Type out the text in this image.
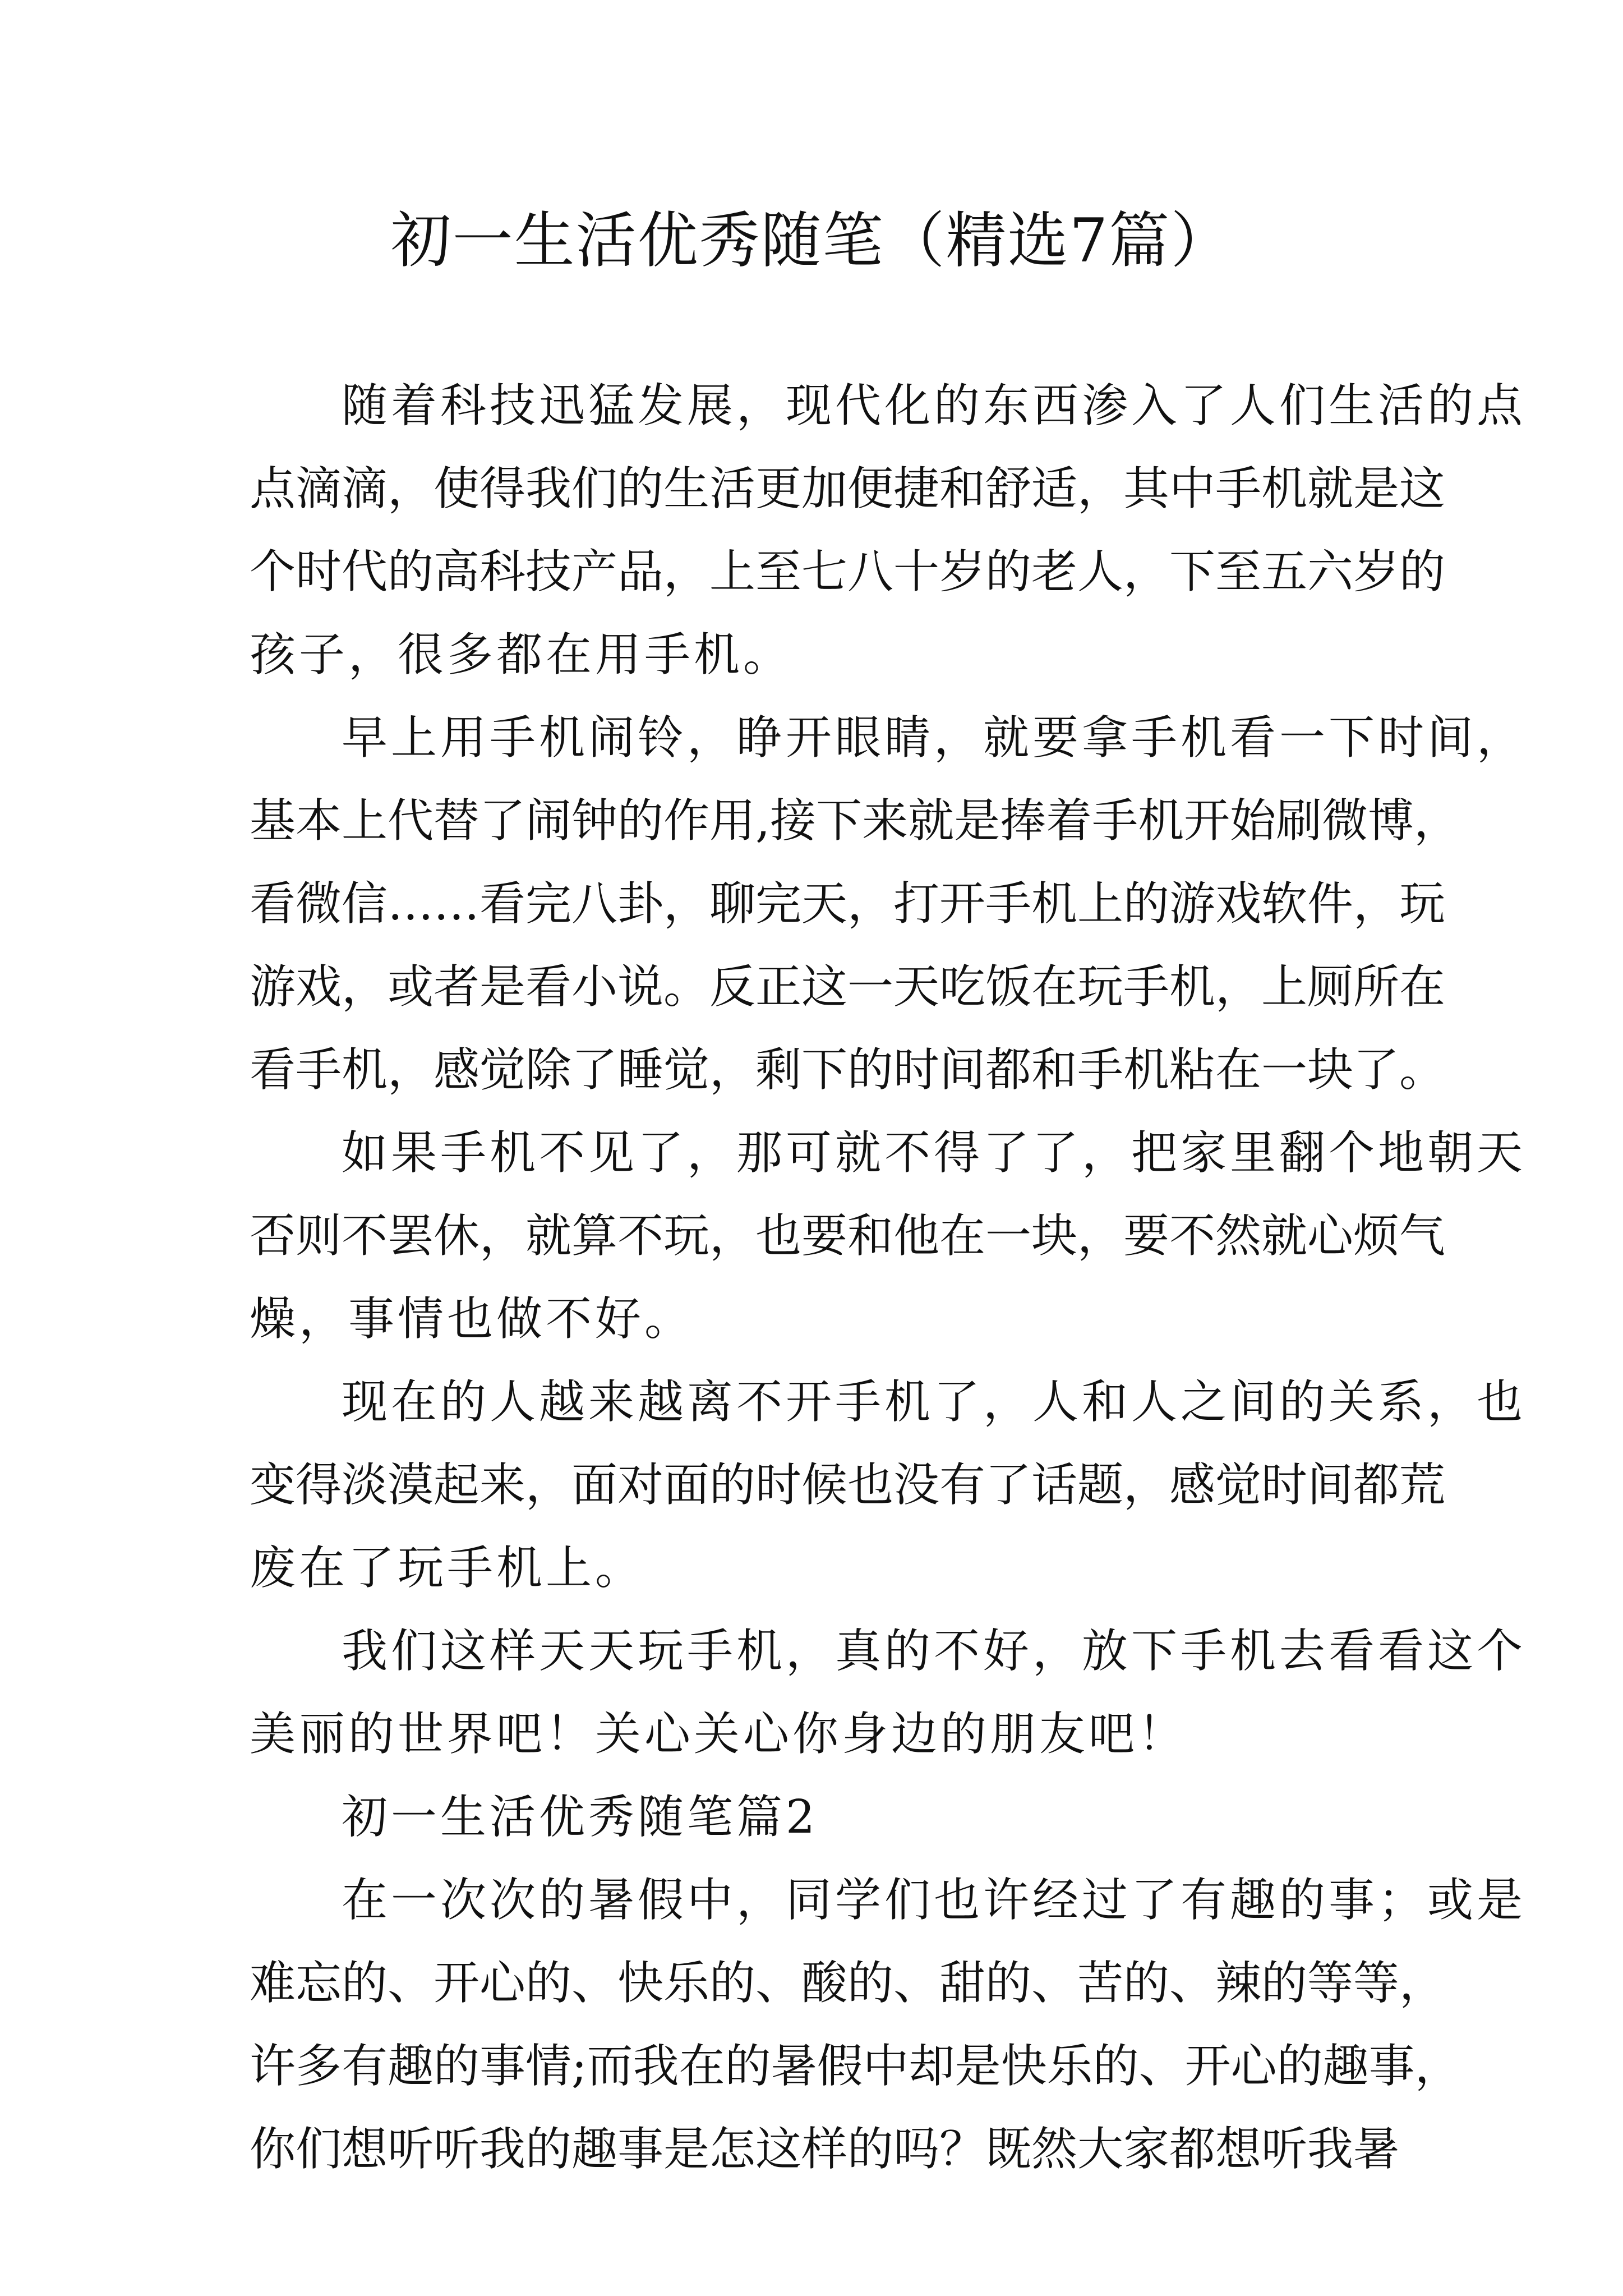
初一生活优秀随笔（精选7篇）
随着科技迅猛发展，现代化的东西渗入了人们生活的点
点滴滴，使得我们的生活更加便捷和舒适，其中手机就是这
个时代的高科技产品，上至七八十岁的老人，下至五六岁的
孩子，很多都在用手机。
早上用手机闹铃，睁开眼睛，就要拿手机看一下时间，
基本上代替了闹钟的作用,接下来就是捧着手机开始刷微博，
看微信……看完八卦，聊完天，打开手机上的游戏软件，玩
游戏，或者是看小说。反正这一天吃饭在玩手机，上厕所在
看手机，感觉除了睡觉，剩下的时间都和手机粘在一块了。
如果手机不见了，那可就不得了了，把家里翻个地朝天
否则不罢休，就算不玩，也要和他在一块，要不然就心烦气
燥，事情也做不好。
现在的人越来越离不开手机了，人和人之间的关系，也
变得淡漠起来，面对面的时候也没有了话题，感觉时间都荒
废在了玩手机上。
我们这样天天玩手机，真的不好，放下手机去看看这个
美丽的世界吧！关心关心你身边的朋友吧！
初一生活优秀随笔篇2
在一次次的暑假中，同学们也许经过了有趣的事；或是
难忘的、开心的、快乐的、酸的、甜的、苦的、辣的等等，
许多有趣的事情;而我在的暑假中却是快乐的、开心的趣事，
你们想听听我的趣事是怎这样的吗？既然大家都想听我暑
